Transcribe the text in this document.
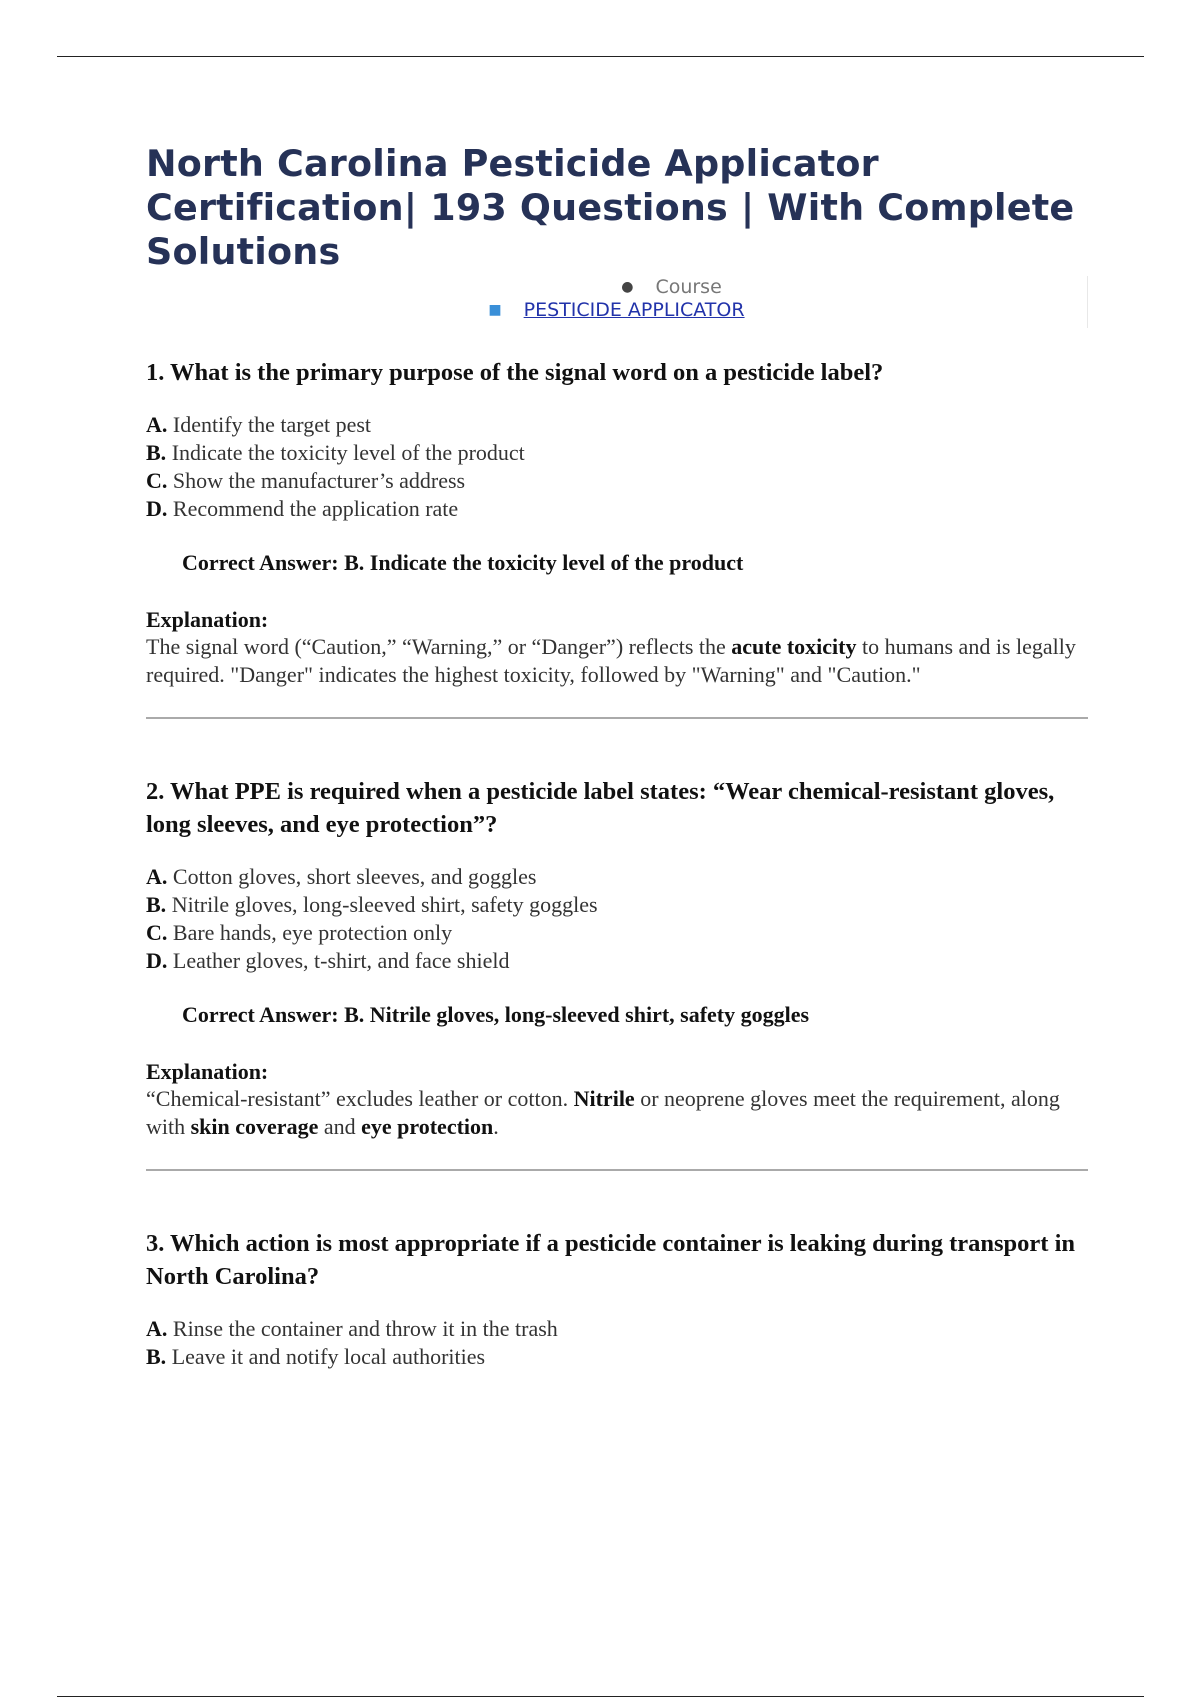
North Carolina Pesticide Applicator Certification| 193 Questions | With Complete Solutions
● Course
■ PESTICIDE APPLICATOR
1. What is the primary purpose of the signal word on a pesticide label?
A. Identify the target pest
B. Indicate the toxicity level of the product
C. Show the manufacturer’s address
D. Recommend the application rate
Correct Answer: B. Indicate the toxicity level of the product
Explanation:

The signal word (“Caution,” “Warning,” or “Danger”) reflects the acute toxicity to humans and is legally required. "Danger" indicates the highest toxicity, followed by "Warning" and "Caution."

2. What PPE is required when a pesticide label states: “Wear chemical-resistant gloves, long sleeves, and eye protection”?
A. Cotton gloves, short sleeves, and goggles
B. Nitrile gloves, long-sleeved shirt, safety goggles
C. Bare hands, eye protection only
D. Leather gloves, t-shirt, and face shield
Correct Answer: B. Nitrile gloves, long-sleeved shirt, safety goggles
Explanation:

“Chemical-resistant” excludes leather or cotton. Nitrile or neoprene gloves meet the requirement, along with skin coverage and eye protection.

3. Which action is most appropriate if a pesticide container is leaking during transport in North Carolina?
A. Rinse the container and throw it in the trash
B. Leave it and notify local authorities
